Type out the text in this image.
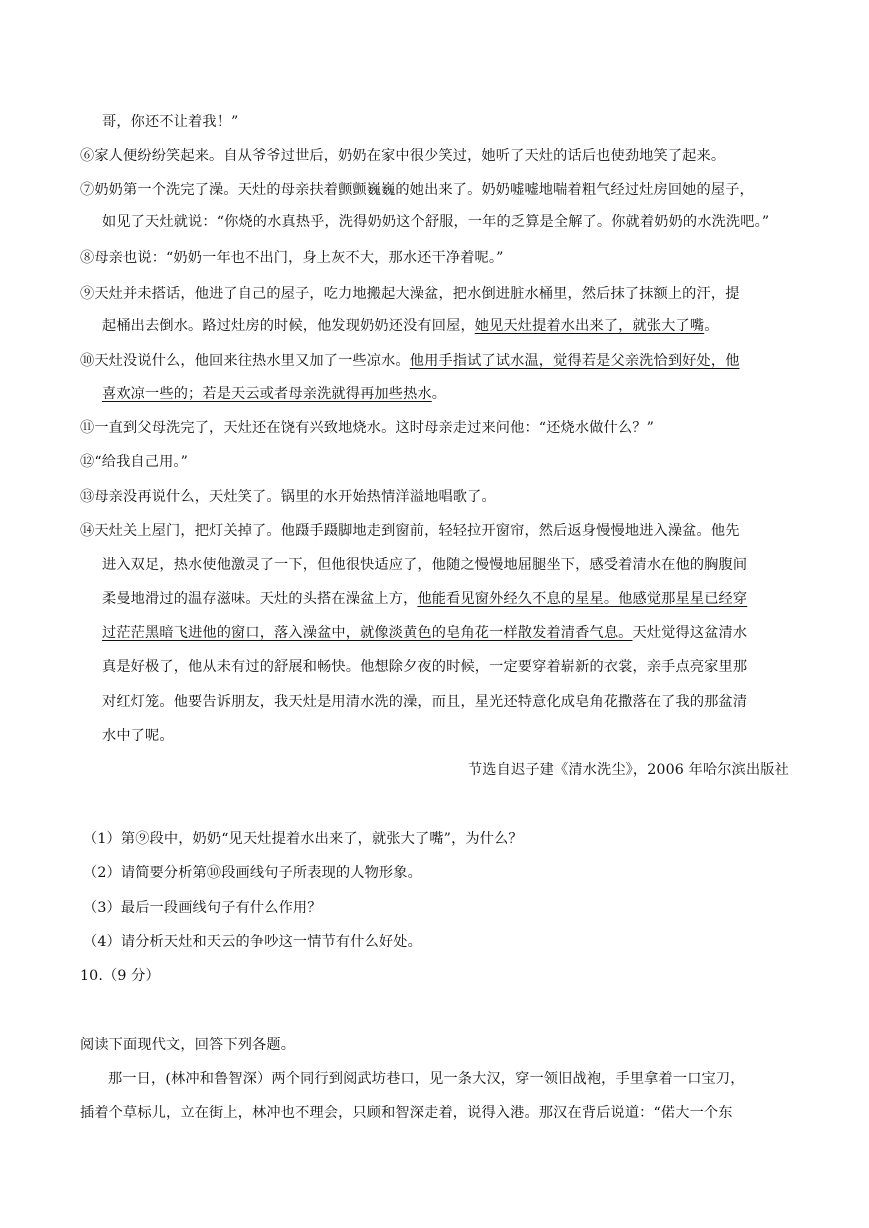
哥，你还不让着我！”
⑥家人便纷纷笑起来。自从爷爷过世后，奶奶在家中很少笑过，她听了天灶的话后也使劲地笑了起来。
⑦奶奶第一个洗完了澡。天灶的母亲扶着颤颤巍巍的她出来了。奶奶嘘嘘地喘着粗气经过灶房回她的屋子，
如见了天灶就说：“你烧的水真热乎，洗得奶奶这个舒服，一年的乏算是全解了。你就着奶奶的水洗洗吧。”
⑧母亲也说：“奶奶一年也不出门，身上灰不大，那水还干净着呢。”
⑨天灶并未搭话，他进了自己的屋子，吃力地搬起大澡盆，把水倒进脏水桶里，然后抹了抹额上的汗，提
起桶出去倒水。路过灶房的时候，他发现奶奶还没有回屋，她见天灶提着水出来了，就张大了嘴。
⑩天灶没说什么，他回来往热水里又加了一些凉水。他用手指试了试水温，觉得若是父亲洗恰到好处，他
喜欢凉一些的；若是天云或者母亲洗就得再加些热水。
⑪一直到父母洗完了，天灶还在饶有兴致地烧水。这时母亲走过来问他：“还烧水做什么？”
⑫“给我自己用。”
⑬母亲没再说什么，天灶笑了。锅里的水开始热情洋溢地唱歌了。
⑭天灶关上屋门，把灯关掉了。他蹑手蹑脚地走到窗前，轻轻拉开窗帘，然后返身慢慢地进入澡盆。他先
进入双足，热水使他激灵了一下，但他很快适应了，他随之慢慢地屈腿坐下，感受着清水在他的胸腹间
柔曼地滑过的温存滋味。天灶的头搭在澡盆上方，他能看见窗外经久不息的星星。他感觉那星星已经穿
过茫茫黑暗飞进他的窗口，落入澡盆中，就像淡黄色的皂角花一样散发着清香气息。天灶觉得这盆清水
真是好极了，他从未有过的舒展和畅快。他想除夕夜的时候，一定要穿着崭新的衣裳，亲手点亮家里那
对红灯笼。他要告诉朋友，我天灶是用清水洗的澡，而且，星光还特意化成皂角花撒落在了我的那盆清
水中了呢。
节选自迟子建《清水洗尘》，2006 年哈尔滨出版社
（1）第⑨段中，奶奶“见天灶提着水出来了，就张大了嘴”，为什么？
（2）请简要分析第⑩段画线句子所表现的人物形象。
（3）最后一段画线句子有什么作用？
（4）请分析天灶和天云的争吵这一情节有什么好处。
10.（9 分）
阅读下面现代文，回答下列各题。
那一日，(林冲和鲁智深）两个同行到阅武坊巷口，见一条大汉，穿一领旧战袍，手里拿着一口宝刀，
插着个草标儿，立在街上，林冲也不理会，只顾和智深走着，说得入港。那汉在背后说道：“偌大一个东
